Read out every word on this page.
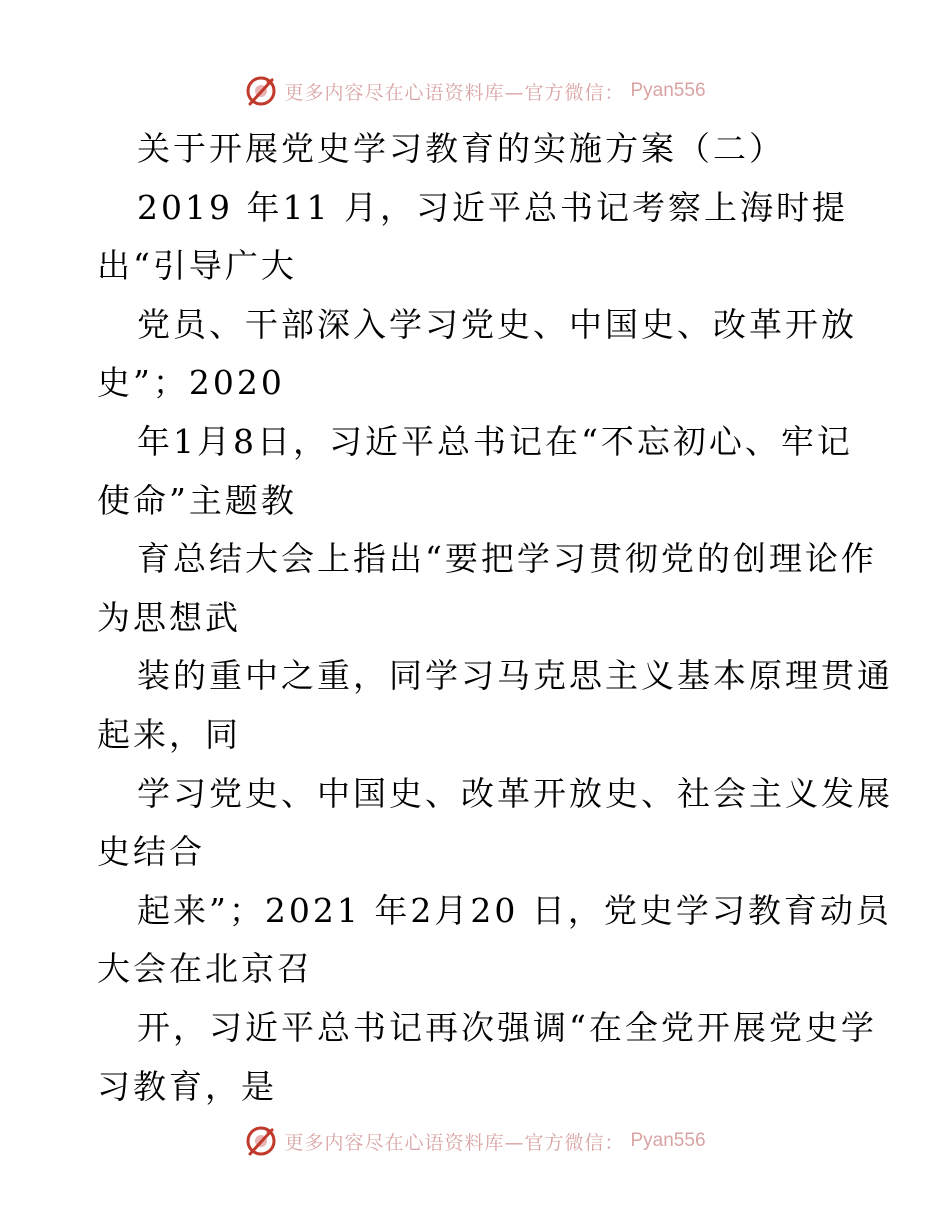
更多内容尽在心语资料库—官方微信： Pyan556
关于开展党史学习教育的实施方案（二）
2019 年11 月，习近平总书记考察上海时提
出“引导广大
党员、干部深入学习党史、中国史、改革开放
史”；2020
年1月8日，习近平总书记在“不忘初心、牢记
使命”主题教
育总结大会上指出“要把学习贯彻党的创理论作
为思想武
装的重中之重，同学习马克思主义基本原理贯通
起来，同
学习党史、中国史、改革开放史、社会主义发展
史结合
起来”；2021 年2月20 日，党史学习教育动员
大会在北京召
开，习近平总书记再次强调“在全党开展党史学
习教育，是
更多内容尽在心语资料库—官方微信： Pyan556
